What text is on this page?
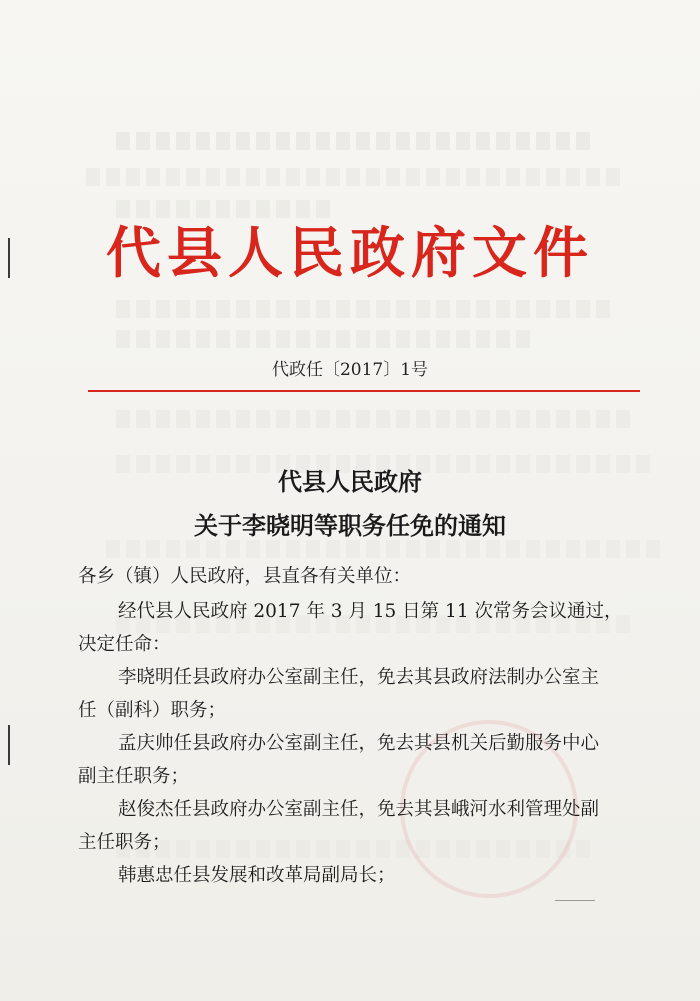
代县人民政府文件
代政任〔2017〕1号
代县人民政府
关于李晓明等职务任免的通知
各乡（镇）人民政府，县直各有关单位：
经代县人民政府 2017 年 3 月 15 日第 11 次常务会议通过，
决定任命：
李晓明任县政府办公室副主任，免去其县政府法制办公室主
任（副科）职务；
孟庆帅任县政府办公室副主任，免去其县机关后勤服务中心
副主任职务；
赵俊杰任县政府办公室副主任，免去其县峨河水利管理处副
主任职务；
韩惠忠任县发展和改革局副局长；
